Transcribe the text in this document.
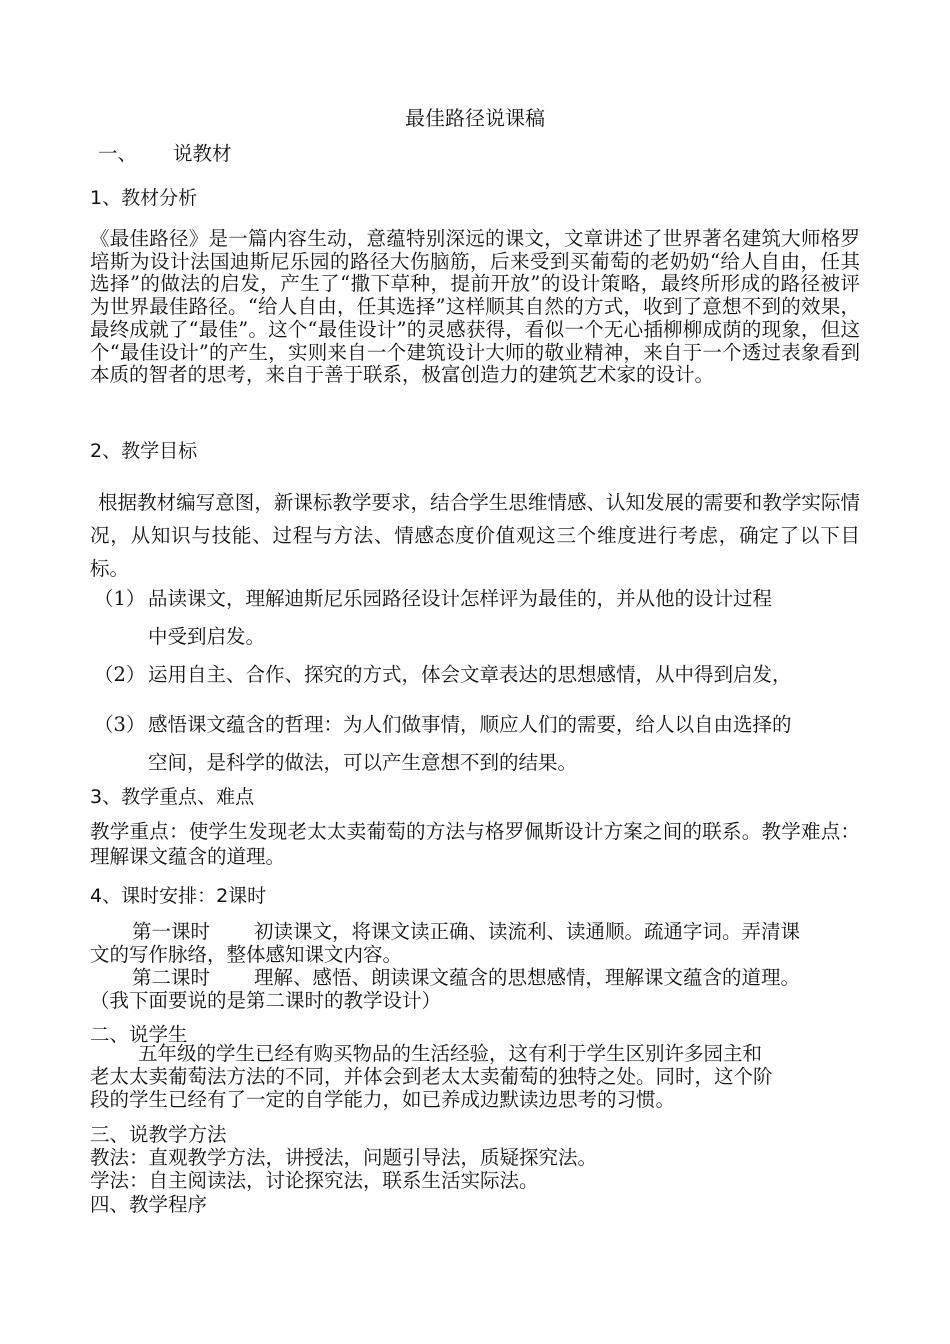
最佳路径说课稿
一、 说教材
1、教材分析
《最佳路径》是一篇内容生动，意蕴特别深远的课文，文章讲述了世界著名建筑大师格罗培斯为设计法国迪斯尼乐园的路径大伤脑筋，后来受到买葡萄的老奶奶“给人自由，任其选择”的做法的启发，产生了“撒下草种，提前开放”的设计策略，最终所形成的路径被评为世界最佳路径。“给人自由，任其选择”这样顺其自然的方式，收到了意想不到的效果，最终成就了“最佳”。这个“最佳设计”的灵感获得，看似一个无心插柳柳成荫的现象，但这个“最佳设计”的产生，实则来自一个建筑设计大师的敬业精神，来自于一个透过表象看到本质的智者的思考，来自于善于联系，极富创造力的建筑艺术家的设计。
2、教学目标
根据教材编写意图，新课标教学要求，结合学生思维情感、认知发展的需要和教学实际情况，从知识与技能、过程与方法、情感态度价值观这三个维度进行考虑，确定了以下目标。
（1） 品读课文，理解迪斯尼乐园路径设计怎样评为最佳的，并从他的设计过程
中受到启发。
（2） 运用自主、合作、探究的方式，体会文章表达的思想感情，从中得到启发，
（3） 感悟课文蕴含的哲理：为人们做事情，顺应人们的需要，给人以自由选择的
空间，是科学的做法，可以产生意想不到的结果。
3、教学重点、难点
教学重点：使学生发现老太太卖葡萄的方法与格罗佩斯设计方案之间的联系。教学难点：理解课文蕴含的道理。
4、课时安排：2课时
第一课时 初读课文，将课文读正确、读流利、读通顺。疏通字词。弄清课
文的写作脉络，整体感知课文内容。
第二课时 理解、感悟、朗读课文蕴含的思想感情，理解课文蕴含的道理。
（我下面要说的是第二课时的教学设计）
二、说学生
五年级的学生已经有购买物品的生活经验，这有利于学生区别许多园主和
老太太卖葡萄法方法的不同，并体会到老太太卖葡萄的独特之处。同时，这个阶
段的学生已经有了一定的自学能力，如已养成边默读边思考的习惯。
三、说教学方法
教法：直观教学方法，讲授法，问题引导法，质疑探究法。
学法：自主阅读法，讨论探究法，联系生活实际法。
四、教学程序
